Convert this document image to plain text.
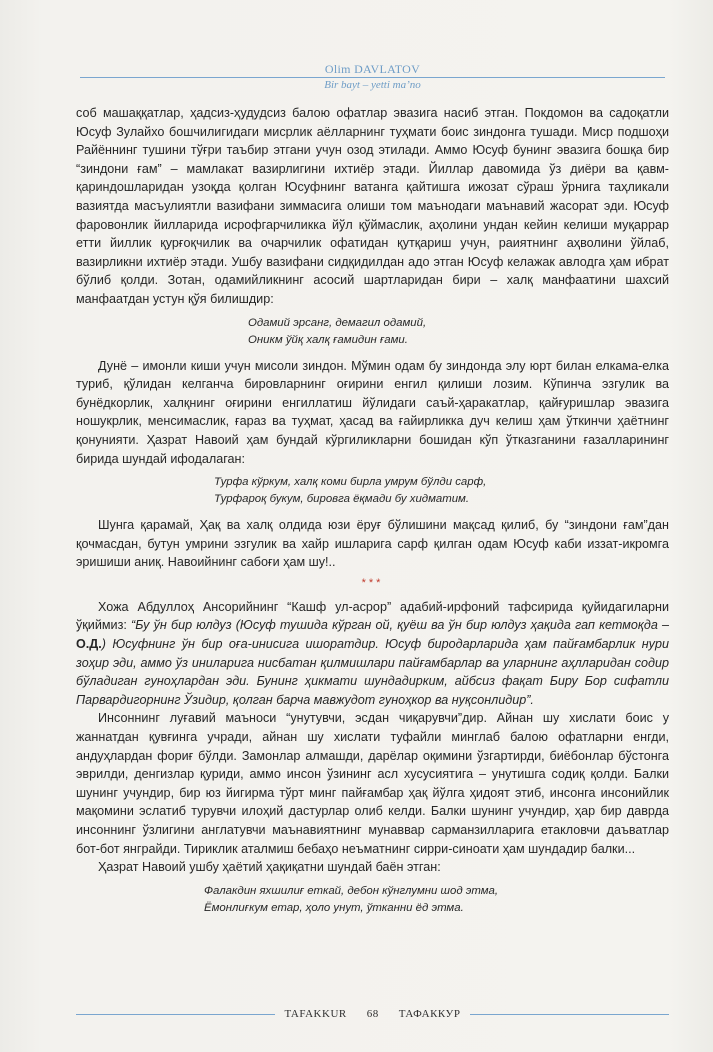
Olim DAVLATOV
Bir bayt – yetti ma’no

соб машаққатлар, ҳадсиз-ҳудудсиз балою офатлар эвазига насиб этган. Покдомон ва садоқатли Юсуф Зулайхо бошчилигидаги мисрлик аёлларнинг туҳмати боис зиндонга тушади. Миср подшоҳи Райённинг тушини тўғри таъбир этгани учун озод этилади. Аммо Юсуф бунинг эвазига бошқа бир “зиндони ғам” – мамлакат вазирлигини ихтиёр этади. Йиллар давомида ўз диёри ва қавм-қариндошларидан узоқда қолган Юсуфнинг ватанга қайтишга ижозат сўраш ўрнига таҳликали вазиятда масъулиятли вазифани зиммасига олиши том маънодаги маънавий жасорат эди. Юсуф фаровонлик йилларида исрофгарчиликка йўл қўймаслик, аҳолини ундан кейин келиши муқаррар етти йиллик қурғоқчилик ва очарчилик офатидан қутқариш учун, раиятнинг аҳволини ўйлаб, вазирликни ихтиёр этади. Ушбу вазифани сидқидилдан адо этган Юсуф келажак авлодга ҳам ибрат бўлиб қолди. Зотан, одамийликнинг асосий шартларидан бири – халқ манфаатини шахсий манфаатдан устун қўя билишдир:

Одамий эрсанг, демагил одамий,
Оникм ўйқ халқ ғамидин ғами.

Дунё – имонли киши учун мисоли зиндон. Мўмин одам бу зиндонда элу юрт билан елкама-елка туриб, қўлидан келганча бировларнинг оғирини енгил қилиши лозим. Кўпинча эзгулик ва бунёдкорлик, халқнинг оғирини енгиллатиш йўлидаги саъй-ҳаракатлар, қайғуришлар эвазига ношукрлик, менсимаслик, ғараз ва туҳмат, ҳасад ва ғайирликка дуч келиш ҳам ўткинчи ҳаётнинг қонунияти. Ҳазрат Навоий ҳам бундай кўргиликларни бошидан кўп ўтказганини ғазалларининг бирида шундай ифодалаган:

Турфа кўркум, халқ коми бирла умрум бўлди сарф,
Турфароқ букум, бировга ёқмади бу хидматим.

Шунга қарамай, Ҳақ ва халқ олдида юзи ёруғ бўлишини мақсад қилиб, бу “зиндони ғам”дан қочмасдан, бутун умрини эзгулик ва хайр ишларига сарф қилган одам Юсуф каби иззат-икромга эришиши аниқ. Навоийнинг сабоғи ҳам шу!..

***

Хожа Абдуллоҳ Ансорийнинг “Кашф ул-асрор” адабий-ирфоний тафсирида қуйидагиларни ўқиймиз: “Бу ўн бир юлдуз (Юсуф тушида кўрган ой, қуёш ва ўн бир юлдуз ҳақида гап кетмоқда – О.Д.) Юсуфнинг ўн бир оға-инисига ишоратдир. Юсуф биродарларида ҳам пайғамбарлик нури зоҳир эди, аммо ўз иниларига нисбатан қилмишлари пайғамбарлар ва уларнинг аҳлларидан содир бўладиган гуноҳлардан эди. Бунинг ҳикмати шундадирким, айбсиз фақат Биру Бор сифатли Парвардигорнинг Ўзидир, қолган барча мавжудот гуноҳкор ва нуқсонлидир”.

Инсоннинг луғавий маъноси “унутувчи, эсдан чиқарувчи”дир. Айнан шу хислати боис у жаннатдан қувғинга учради, айнан шу хислати туфайли минглаб балою офатларни енгди, андуҳлардан фориғ бўлди. Замонлар алмашди, дарёлар оқимини ўзгартирди, биёбонлар бўстонга эврилди, денгизлар қуриди, аммо инсон ўзининг асл хусусиятига – унутишга содиқ қолди. Балки шунинг учундир, бир юз йигирма тўрт минг пайғамбар ҳақ йўлга ҳидоят этиб, инсонга инсонийлик мақомини эслатиб турувчи илоҳий дастурлар олиб келди. Балки шунинг учундир, ҳар бир даврда инсоннинг ўзлигини англатувчи маънавиятнинг мунаввар сарманзилларига етакловчи даъватлар бот-бот янграйди. Тириклик аталмиш бебаҳо неъматнинг сирри-синоати ҳам шундадир балки...

Ҳазрат Навоий ушбу ҳаётий ҳақиқатни шундай баён этган:

Фалакдин яхшилиғ еткай, дебон кўнглумни шод этма,
Ёмонлиғкум етар, ҳоло унут, ўтканни ёд этма.
TAFAKKUR	68	ТАФАККУР
